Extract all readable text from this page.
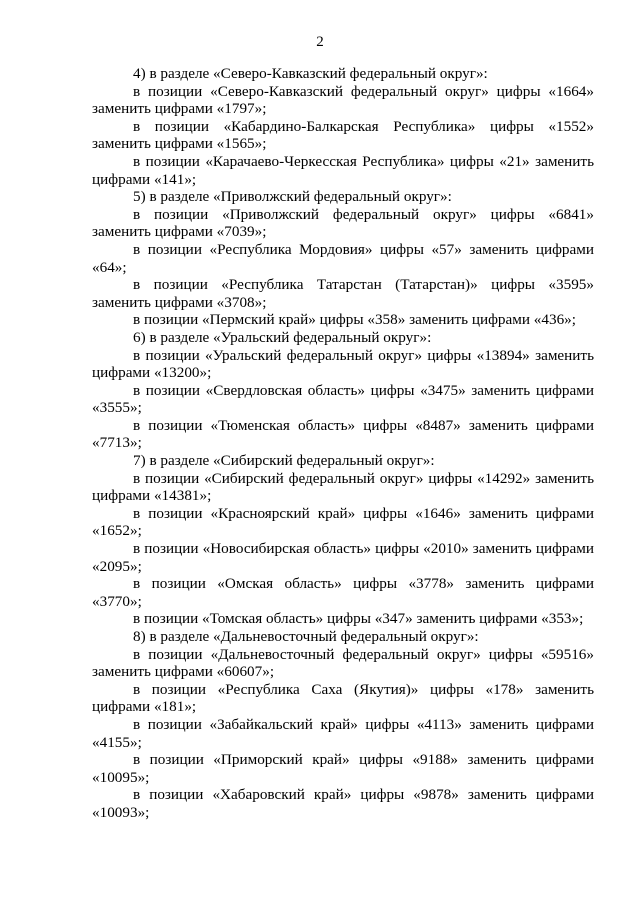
2

4) в разделе «Северо-Кавказский федеральный округ»:

в позиции «Северо-Кавказский федеральный округ» цифры «1664» заменить цифрами «1797»;

в позиции «Кабардино-Балкарская Республика» цифры «1552» заменить цифрами «1565»;

в позиции «Карачаево-Черкесская Республика» цифры «21» заменить цифрами «141»;

5) в разделе «Приволжский федеральный округ»:

в позиции «Приволжский федеральный округ» цифры «6841» заменить цифрами «7039»;

в позиции «Республика Мордовия» цифры «57» заменить цифрами «64»;

в позиции «Республика Татарстан (Татарстан)» цифры «3595» заменить цифрами «3708»;

в позиции «Пермский край» цифры «358» заменить цифрами «436»;

6) в разделе «Уральский федеральный округ»:

в позиции «Уральский федеральный округ» цифры «13894» заменить цифрами «13200»;

в позиции «Свердловская область» цифры «3475» заменить цифрами «3555»;

в позиции «Тюменская область» цифры «8487» заменить цифрами «7713»;

7) в разделе «Сибирский федеральный округ»:

в позиции «Сибирский федеральный округ» цифры «14292» заменить цифрами «14381»;

в позиции «Красноярский край» цифры «1646» заменить цифрами «1652»;

в позиции «Новосибирская область» цифры «2010» заменить цифрами «2095»;

в позиции «Омская область» цифры «3778» заменить цифрами «3770»;

в позиции «Томская область» цифры «347» заменить цифрами «353»;

8) в разделе «Дальневосточный федеральный округ»:

в позиции «Дальневосточный федеральный округ» цифры «59516» заменить цифрами «60607»;

в позиции «Республика Саха (Якутия)» цифры «178» заменить цифрами «181»;

в позиции «Забайкальский край» цифры «4113» заменить цифрами «4155»;

в позиции «Приморский край» цифры «9188» заменить цифрами «10095»;

в позиции «Хабаровский край» цифры «9878» заменить цифрами «10093»;
